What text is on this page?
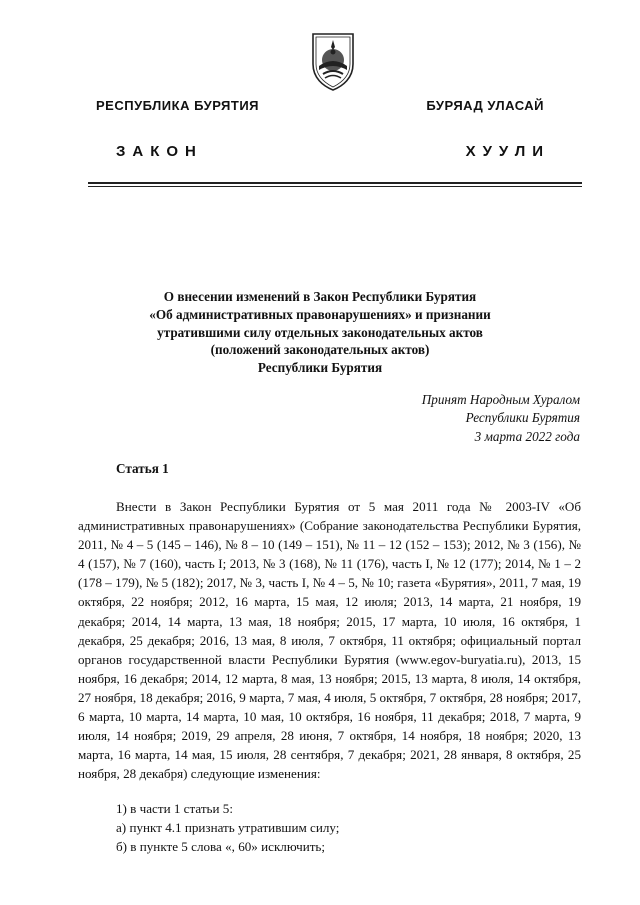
РЕСПУБЛИКА БУРЯТИЯ	БУРЯАД УЛАСАЙ
ЗАКОН	ХУУЛИ
О внесении изменений в Закон Республики Бурятия
«Об административных правонарушениях» и признании
утратившими силу отдельных законодательных актов
(положений законодательных актов)
Республики Бурятия
Принят Народным Хуралом
Республики Бурятия
3 марта 2022 года
Статья 1

Внести в Закон Республики Бурятия от 5 мая 2011 года № 2003-IV «Об административных правонарушениях» (Собрание законодательства Республики Бурятия, 2011, № 4 – 5 (145 – 146), № 8 – 10 (149 – 151), № 11 – 12 (152 – 153); 2012, № 3 (156), № 4 (157), № 7 (160), часть I; 2013, № 3 (168), № 11 (176), часть I, № 12 (177); 2014, № 1 – 2 (178 – 179), № 5 (182); 2017, № 3, часть I, № 4 – 5, № 10; газета «Бурятия», 2011, 7 мая, 19 октября, 22 ноября; 2012, 16 марта, 15 мая, 12 июля; 2013, 14 марта, 21 ноября, 19 декабря; 2014, 14 марта, 13 мая, 18 ноября; 2015, 17 марта, 10 июля, 16 октября, 1 декабря, 25 декабря; 2016, 13 мая, 8 июля, 7 октября, 11 октября; официальный портал органов государственной власти Республики Бурятия (www.egov-buryatia.ru), 2013, 15 ноября, 16 декабря; 2014, 12 марта, 8 мая, 13 ноября; 2015, 13 марта, 8 июля, 14 октября, 27 ноября, 18 декабря; 2016, 9 марта, 7 мая, 4 июля, 5 октября, 7 октября, 28 ноября; 2017, 6 марта, 10 марта, 14 марта, 10 мая, 10 октября, 16 ноября, 11 декабря; 2018, 7 марта, 9 июля, 14 ноября; 2019, 29 апреля, 28 июня, 7 октября, 14 ноября, 18 ноября; 2020, 13 марта, 16 марта, 14 мая, 15 июля, 28 сентября, 7 декабря; 2021, 28 января, 8 октября, 25 ноября, 28 декабря) следующие изменения:

1) в части 1 статьи 5:
а) пункт 4.1 признать утратившим силу;
б) в пункте 5 слова «, 60» исключить;
